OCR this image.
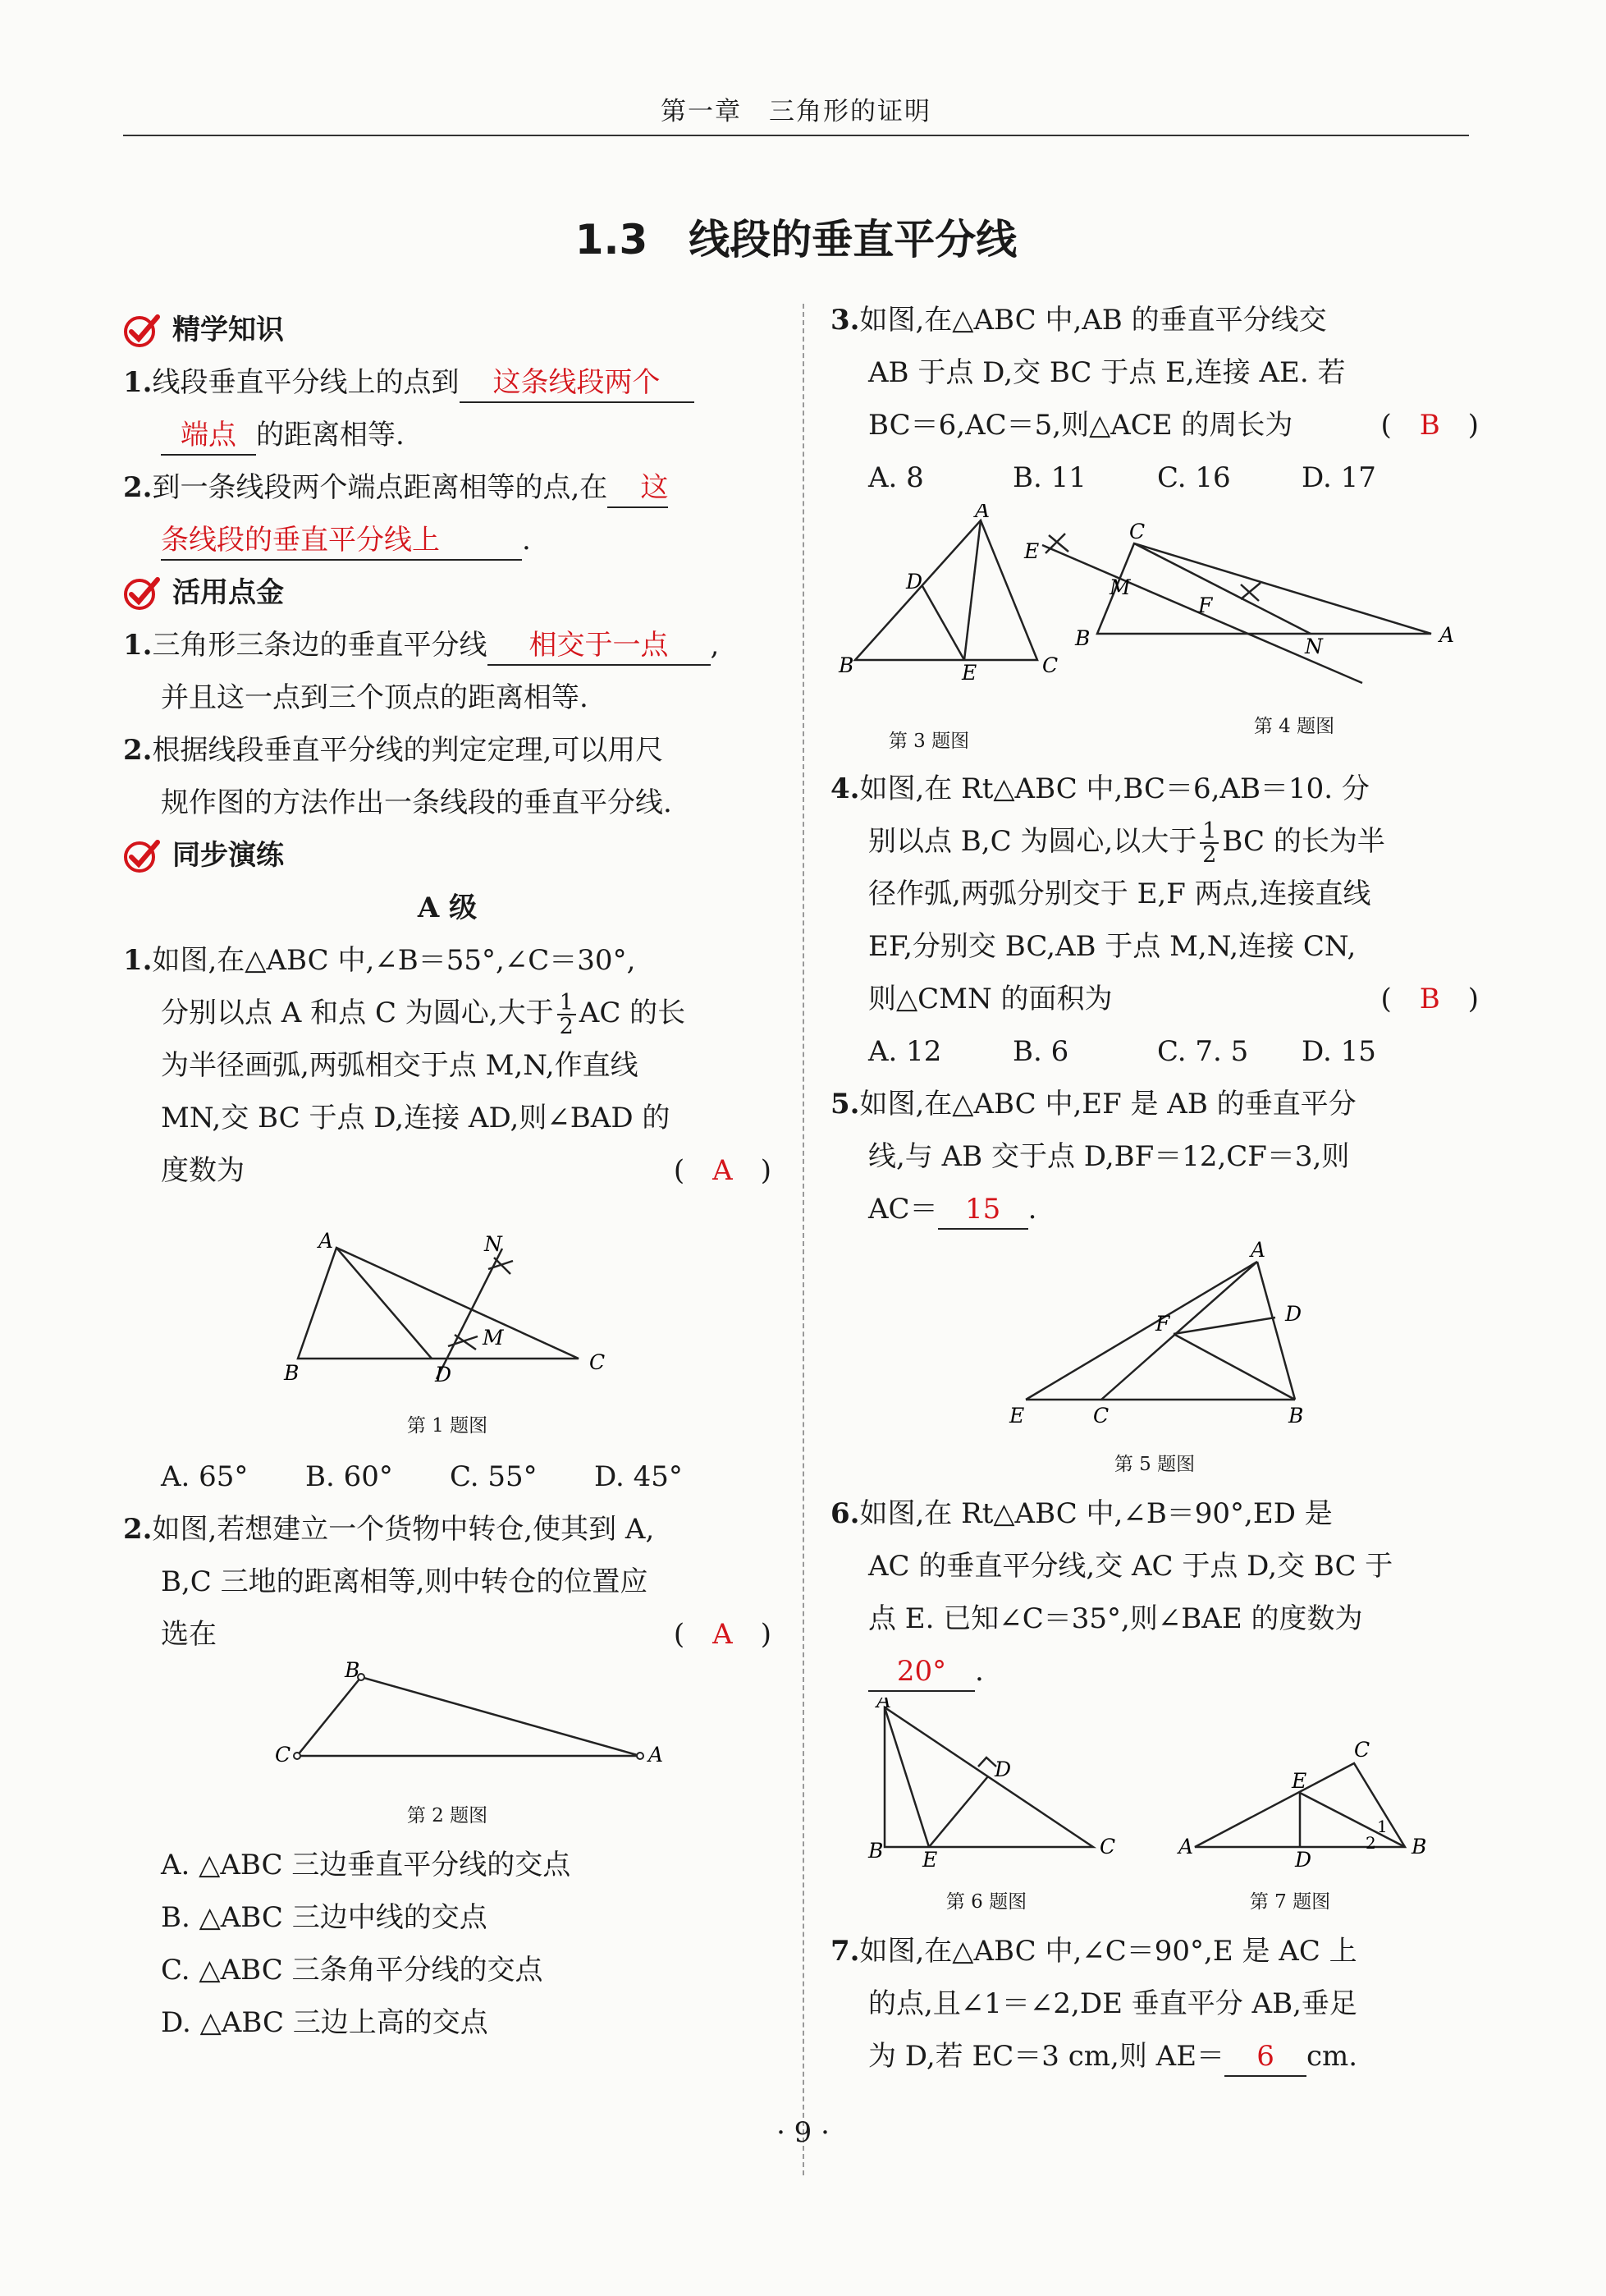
第一章　三角形的证明
1.3　线段的垂直平分线
精学知识

1.线段垂直平分线上的点到 这条线段两个

端点 的距离相等.

2.到一条线段两个端点距离相等的点,在 这

条线段的垂直平分线上	.

活用点金

1.三角形三条边的垂直平分线 相交于一点 ,

并且这一点到三个顶点的距离相等.

2.根据线段垂直平分线的判定定理,可以用尺

规作图的方法作出一条线段的垂直平分线.

同步演练

A 级

1.如图,在△ABC 中,∠B＝55°,∠C＝30°,

分别以点 A 和点 C 为圆心,大于 $\frac{1}{2}$ AC 的长

为半径画弧,两弧相交于点 M,N,作直线

MN,交 BC 于点 D,连接 AD,则∠BAD 的

度数为	(　A　)

A
B	C
D
M
N
第 1 题图
A. 65°	B. 60°	C. 55°	D. 45°

2.如图,若想建立一个货物中转仓,使其到 A,

B,C 三地的距离相等,则中转仓的位置应

选在	(　A　)

B
C	A
第 2 题图

A. △ABC 三边垂直平分线的交点

B. △ABC 三边中线的交点

C. △ABC 三条角平分线的交点

D. △ABC 三边上高的交点

3.如图,在△ABC 中,AB 的垂直平分线交

AB 于点 D,交 BC 于点 E,连接 AE. 若

BC＝6,AC＝5,则△ACE 的周长为	(　B　)

A. 8	B. 11	C. 16	D. 17
A
B	C
D
E
C
B	A
E
M
F
N
第 3 题图
第 4 题图

4.如图,在 Rt△ABC 中,BC＝6,AB＝10. 分

别以点 B,C 为圆心,以大于 $\frac{1}{2}$ BC 的长为半

径作弧,两弧分别交于 E,F 两点,连接直线

EF,分别交 BC,AB 于点 M,N,连接 CN,

则△CMN 的面积为	(　B　)

A. 12	B. 6	C. 7. 5	D. 15

5.如图,在△ABC 中,EF 是 AB 的垂直平分

线,与 AB 交于点 D,BF＝12,CF＝3,则

AC＝ 15 .

A
F	D
E	C	B
第 5 题图

6.如图,在 Rt△ABC 中,∠B＝90°,ED 是

AC 的垂直平分线,交 AC 于点 D,交 BC 于

点 E. 已知∠C＝35°,则∠BAE 的度数为

20° .

A
B	C
D
E
C
E
A
D
B
1
2
第 6 题图	第 7 题图

7.如图,在△ABC 中,∠C＝90°,E 是 AC 上

的点,且∠1＝∠2,DE 垂直平分 AB,垂足

为 D,若 EC＝3 cm,则 AE＝ 6 cm.

· 9 ·
